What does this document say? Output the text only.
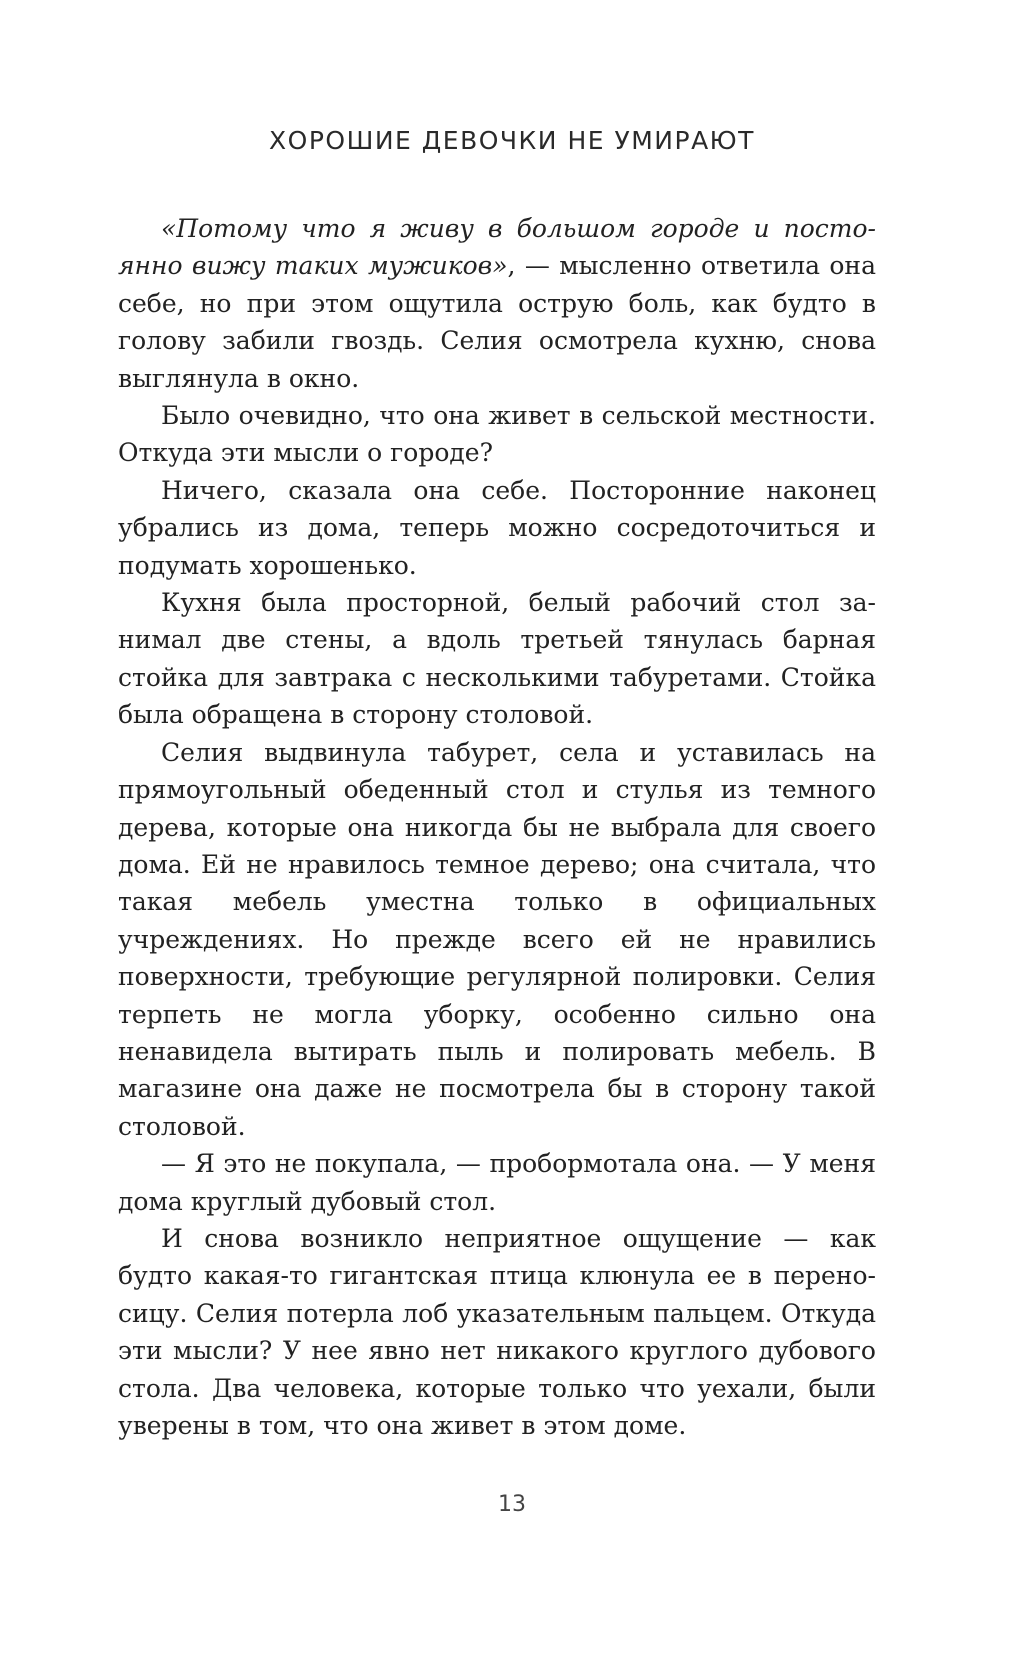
ХОРОШИЕ ДЕВОЧКИ НЕ УМИРАЮТ

«Потому что я живу в большом городе и постоянно вижу таких мужиков», — мысленно ответила она себе, но при этом ощутила острую боль, как будто в голову забили гвоздь. Селия осмотрела кухню, снова выглянула в окно.

Было очевидно, что она живет в сельской местности. Откуда эти мысли о городе?

Ничего, сказала она себе. Посторонние наконец убрались из дома, теперь можно сосредоточиться и подумать хорошенько.

Кухня была просторной, белый рабочий стол занимал две стены, а вдоль третьей тянулась барная стойка для завтрака с несколькими табуретами. Стойка была обращена в сторону столовой.

Селия выдвинула табурет, села и уставилась на прямоугольный обеденный стол и стулья из темного дерева, которые она никогда бы не выбрала для своего дома. Ей не нравилось темное дерево; она считала, что такая мебель уместна только в официальных учреждениях. Но прежде всего ей не нравились поверхности, требующие регулярной полировки. Селия терпеть не могла уборку, особенно сильно она ненавидела вытирать пыль и полировать мебель. В магазине она даже не посмотрела бы в сторону такой столовой.

— Я это не покупала, — пробормотала она. — У меня дома круглый дубовый стол.

И снова возникло неприятное ощущение — как будто какая-то гигантская птица клюнула ее в переносицу. Селия потерла лоб указательным пальцем. Откуда эти мысли? У нее явно нет никакого круглого дубового стола. Два человека, которые только что уехали, были уверены в том, что она живет в этом доме.

13
